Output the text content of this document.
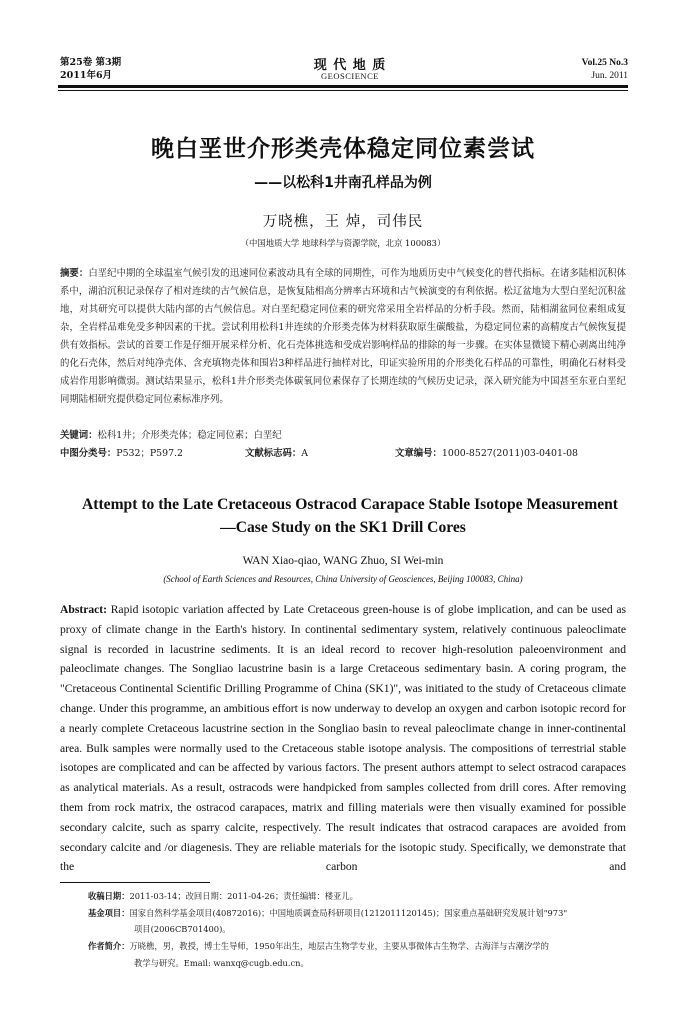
第25卷 第3期
2011年6月
现 代 地 质
GEOSCIENCE
Vol.25 No.3
Jun. 2011
晚白垩世介形类壳体稳定同位素尝试
——以松科1井南孔样品为例
万晓樵，王 焯，司伟民
（中国地质大学 地球科学与资源学院，北京 100083）
摘要：白垩纪中期的全球温室气候引发的迅速同位素波动具有全球的同期性，可作为地质历史中气候变化的替代指标。在诸多陆相沉积体系中，湖泊沉积记录保存了相对连续的古气候信息，是恢复陆相高分辨率古环境和古气候演变的有利依据。松辽盆地为大型白垩纪沉积盆地，对其研究可以提供大陆内部的古气候信息。对白垩纪稳定同位素的研究常采用全岩样品的分析手段。然而，陆相湖盆同位素组成复杂，全岩样品难免受多种因素的干扰。尝试利用松科1井连续的介形类壳体为材料获取原生碳酸盐，为稳定同位素的高精度古气候恢复提供有效指标。尝试的首要工作是仔细开展采样分析、化石壳体挑选和受成岩影响样品的排除的每一步骤。在实体显微镜下精心剥离出纯净的化石壳体，然后对纯净壳体、含充填物壳体和围岩3种样品进行抽样对比，印证实验所用的介形类化石样品的可靠性，明确化石材料受成岩作用影响微弱。测试结果显示，松科1井介形类壳体碳氧同位素保存了长期连续的气候历史记录，深入研究能为中国甚至东亚白垩纪同期陆相研究提供稳定同位素标准序列。
关键词：松科1井；介形类壳体；稳定同位素；白垩纪
中图分类号：P532；P597.2	文献标志码：A	文章编号：1000-8527(2011)03-0401-08
Attempt to the Late Cretaceous Ostracod Carapace Stable Isotope Measurement
—Case Study on the SK1 Drill Cores
WAN Xiao-qiao, WANG Zhuo, SI Wei-min
(School of Earth Sciences and Resources, China University of Geosciences, Beijing 100083, China)
Abstract: Rapid isotopic variation affected by Late Cretaceous green-house is of globe implication, and can be used as proxy of climate change in the Earth's history. In continental sedimentary system, relatively continuous paleoclimate signal is recorded in lacustrine sediments. It is an ideal record to recover high-resolution paleoenvironment and paleoclimate changes. The Songliao lacustrine basin is a large Cretaceous sedimentary basin. A coring program, the "Cretaceous Continental Scientific Drilling Programme of China (SK1)", was initiated to the study of Cretaceous climate change. Under this programme, an ambitious effort is now underway to develop an oxygen and carbon isotopic record for a nearly complete Cretaceous lacustrine section in the Songliao basin to reveal paleoclimate change in inner-continental area. Bulk samples were normally used to the Cretaceous stable isotope analysis. The compositions of terrestrial stable isotopes are complicated and can be affected by various factors. The present authors attempt to select ostracod carapaces as analytical materials. As a result, ostracods were handpicked from samples collected from drill cores. After removing them from rock matrix, the ostracod carapaces, matrix and filling materials were then visually examined for possible secondary calcite, such as sparry calcite, respectively. The result indicates that ostracod carapaces are avoided from secondary calcite and /or diagenesis. They are reliable materials for the isotopic study. Specifically, we demonstrate that the carbon and
收稿日期：2011-03-14；改回日期：2011-04-26；责任编辑：楼亚儿。
基金项目：国家自然科学基金项目(40872016)；中国地质调查局科研项目(1212011120145)；国家重点基础研究发展计划"973"
项目(2006CB701400)。
作者简介：万晓樵，男，教授，博士生导师，1950年出生，地层古生物学专业，主要从事微体古生物学、古海洋与古潮汐学的
教学与研究。Email: wanxq@cugb.edu.cn。
